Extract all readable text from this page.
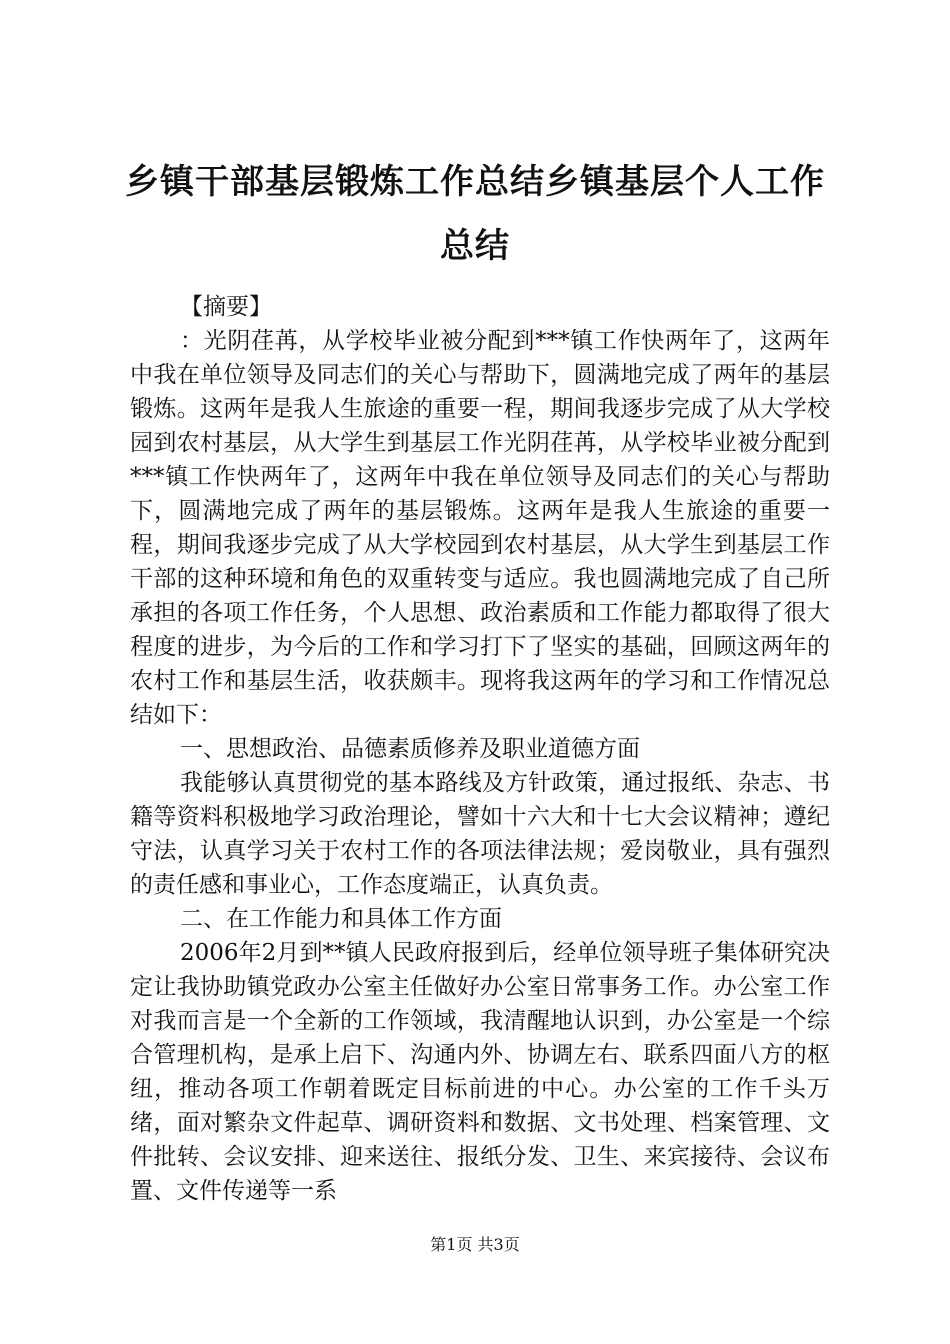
乡镇干部基层锻炼工作总结乡镇基层个人工作
总结

【摘要】

：光阴荏苒，从学校毕业被分配到***镇工作快两年了，这两年中我在单位领导及同志们的关心与帮助下，圆满地完成了两年的基层锻炼。这两年是我人生旅途的重要一程，期间我逐步完成了从大学校园到农村基层，从大学生到基层工作光阴荏苒，从学校毕业被分配到***镇工作快两年了，这两年中我在单位领导及同志们的关心与帮助下，圆满地完成了两年的基层锻炼。这两年是我人生旅途的重要一程，期间我逐步完成了从大学校园到农村基层，从大学生到基层工作干部的这种环境和角色的双重转变与适应。我也圆满地完成了自己所承担的各项工作任务，个人思想、政治素质和工作能力都取得了很大程度的进步，为今后的工作和学习打下了坚实的基础，回顾这两年的农村工作和基层生活，收获颇丰。现将我这两年的学习和工作情况总结如下：

一、思想政治、品德素质修养及职业道德方面

我能够认真贯彻党的基本路线及方针政策，通过报纸、杂志、书籍等资料积极地学习政治理论，譬如十六大和十七大会议精神；遵纪守法，认真学习关于农村工作的各项法律法规；爱岗敬业，具有强烈的责任感和事业心，工作态度端正，认真负责。

二、在工作能力和具体工作方面

2006年2月到**镇人民政府报到后，经单位领导班子集体研究决定让我协助镇党政办公室主任做好办公室日常事务工作。办公室工作对我而言是一个全新的工作领域，我清醒地认识到，办公室是一个综合管理机构，是承上启下、沟通内外、协调左右、联系四面八方的枢纽，推动各项工作朝着既定目标前进的中心。办公室的工作千头万绪，面对繁杂文件起草、调研资料和数据、文书处理、档案管理、文件批转、会议安排、迎来送往、报纸分发、卫生、来宾接待、会议布置、文件传递等一系

第1页 共3页
